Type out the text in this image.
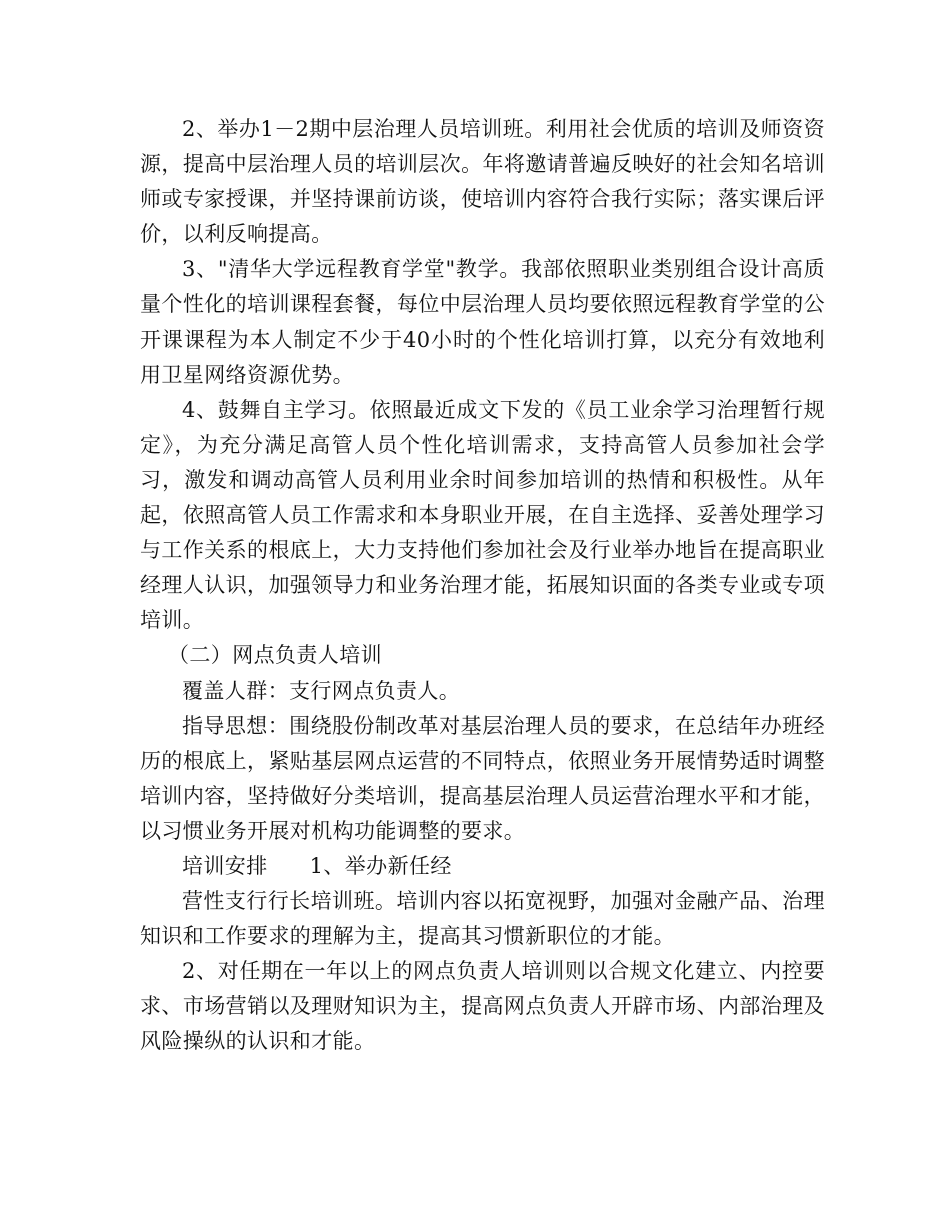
2、举办1－2期中层治理人员培训班。利用社会优质的培训及师资资源，提高中层治理人员的培训层次。年将邀请普遍反映好的社会知名培训师或专家授课，并坚持课前访谈，使培训内容符合我行实际；落实课后评价，以利反响提高。

3、"清华大学远程教育学堂"教学。我部依照职业类别组合设计高质量个性化的培训课程套餐，每位中层治理人员均要依照远程教育学堂的公开课课程为本人制定不少于40小时的个性化培训打算，以充分有效地利用卫星网络资源优势。

4、鼓舞自主学习。依照最近成文下发的《员工业余学习治理暂行规定》，为充分满足高管人员个性化培训需求，支持高管人员参加社会学习，激发和调动高管人员利用业余时间参加培训的热情和积极性。从年起，依照高管人员工作需求和本身职业开展，在自主选择、妥善处理学习与工作关系的根底上，大力支持他们参加社会及行业举办地旨在提高职业经理人认识，加强领导力和业务治理才能，拓展知识面的各类专业或专项培训。

（二）网点负责人培训

覆盖人群：支行网点负责人。

指导思想：围绕股份制改革对基层治理人员的要求，在总结年办班经历的根底上，紧贴基层网点运营的不同特点，依照业务开展情势适时调整培训内容，坚持做好分类培训，提高基层治理人员运营治理水平和才能，以习惯业务开展对机构功能调整的要求。

培训安排 1、举办新任经

营性支行行长培训班。培训内容以拓宽视野，加强对金融产品、治理知识和工作要求的理解为主，提高其习惯新职位的才能。

2、对任期在一年以上的网点负责人培训则以合规文化建立、内控要求、市场营销以及理财知识为主，提高网点负责人开辟市场、内部治理及风险操纵的认识和才能。
